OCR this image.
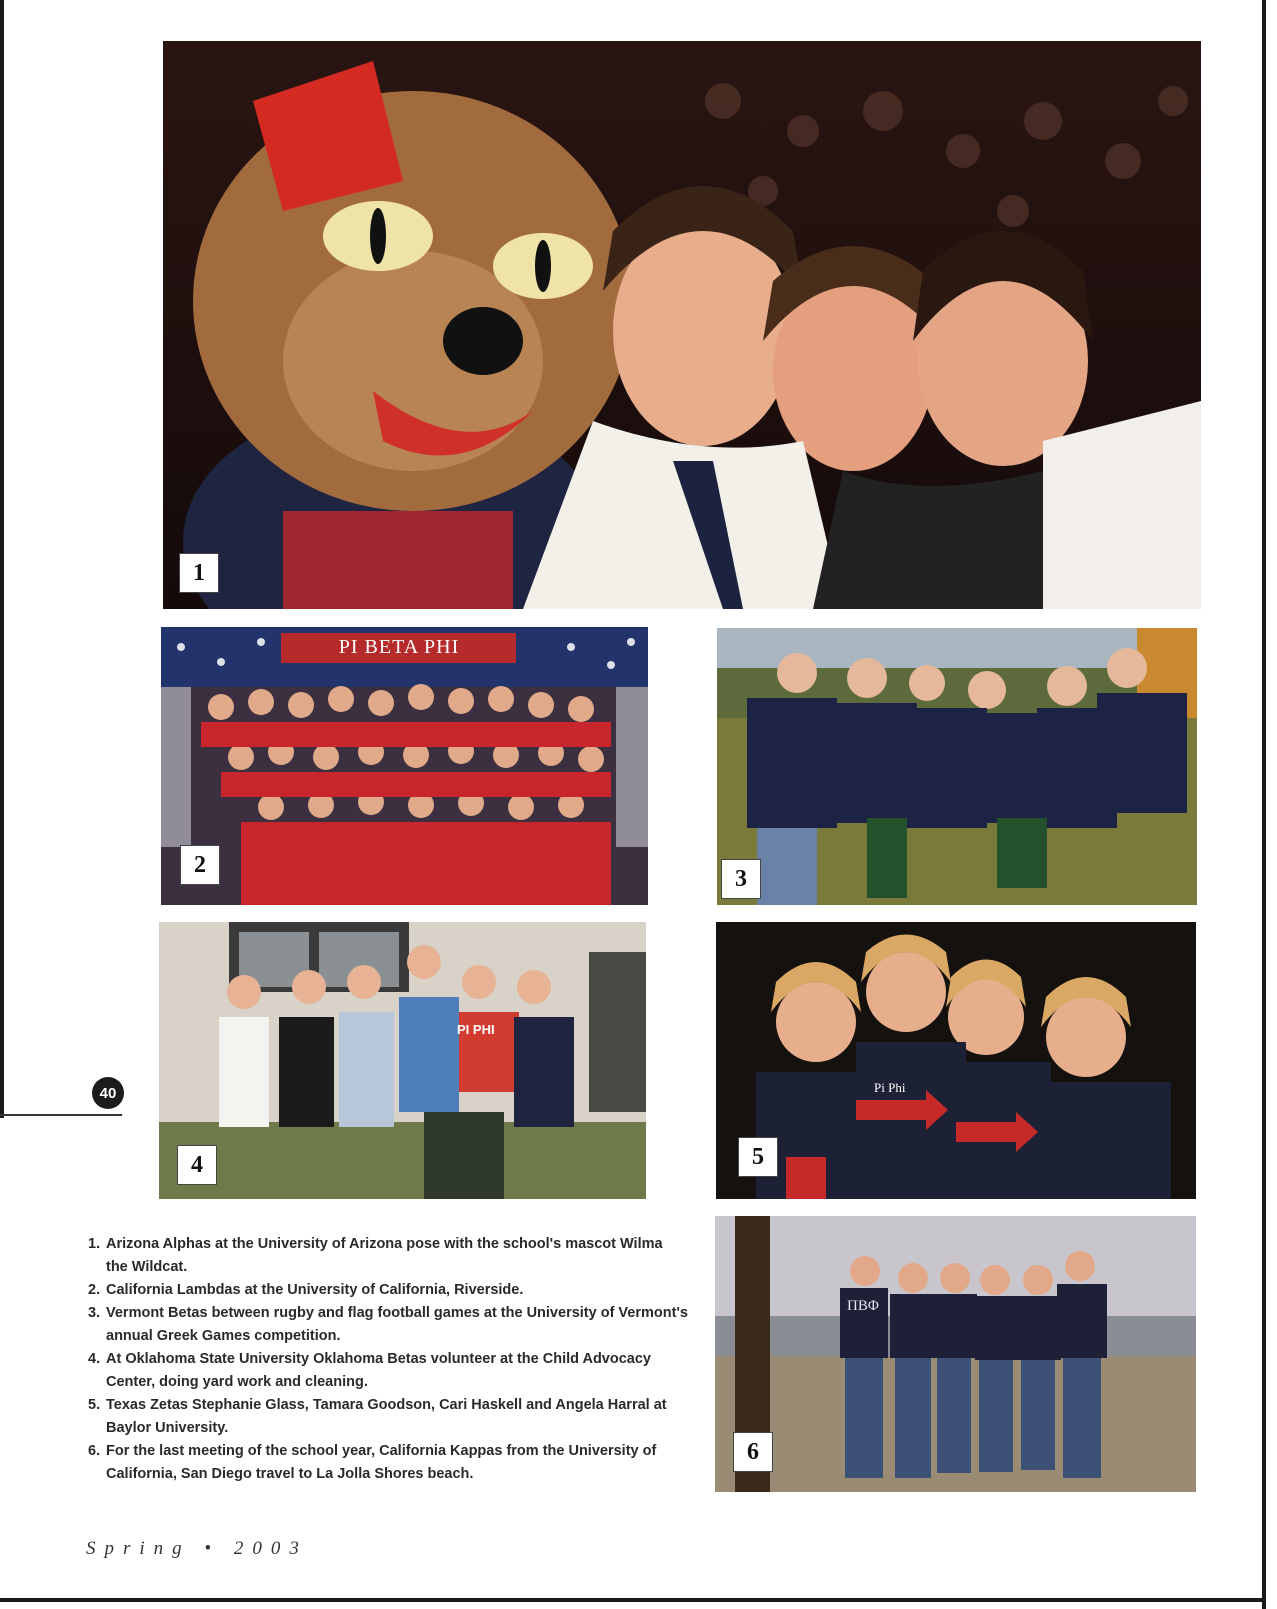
1
PI BETA PHI
2
3
PI PHI
4
Pi Phi
5
ΠΒΦ
6
40
1. Arizona Alphas at the University of Arizona pose with the school's mascot Wilma the Wildcat.
2. California Lambdas at the University of California, Riverside.
3. Vermont Betas between rugby and flag football games at the University of Vermont's annual Greek Games competition.
4. At Oklahoma State University Oklahoma Betas volunteer at the Child Advocacy Center, doing yard work and cleaning.
5. Texas Zetas Stephanie Glass, Tamara Goodson, Cari Haskell and Angela Harral at Baylor University.
6. For the last meeting of the school year, California Kappas from the University of California, San Diego travel to La Jolla Shores beach.
Spring • 2003
